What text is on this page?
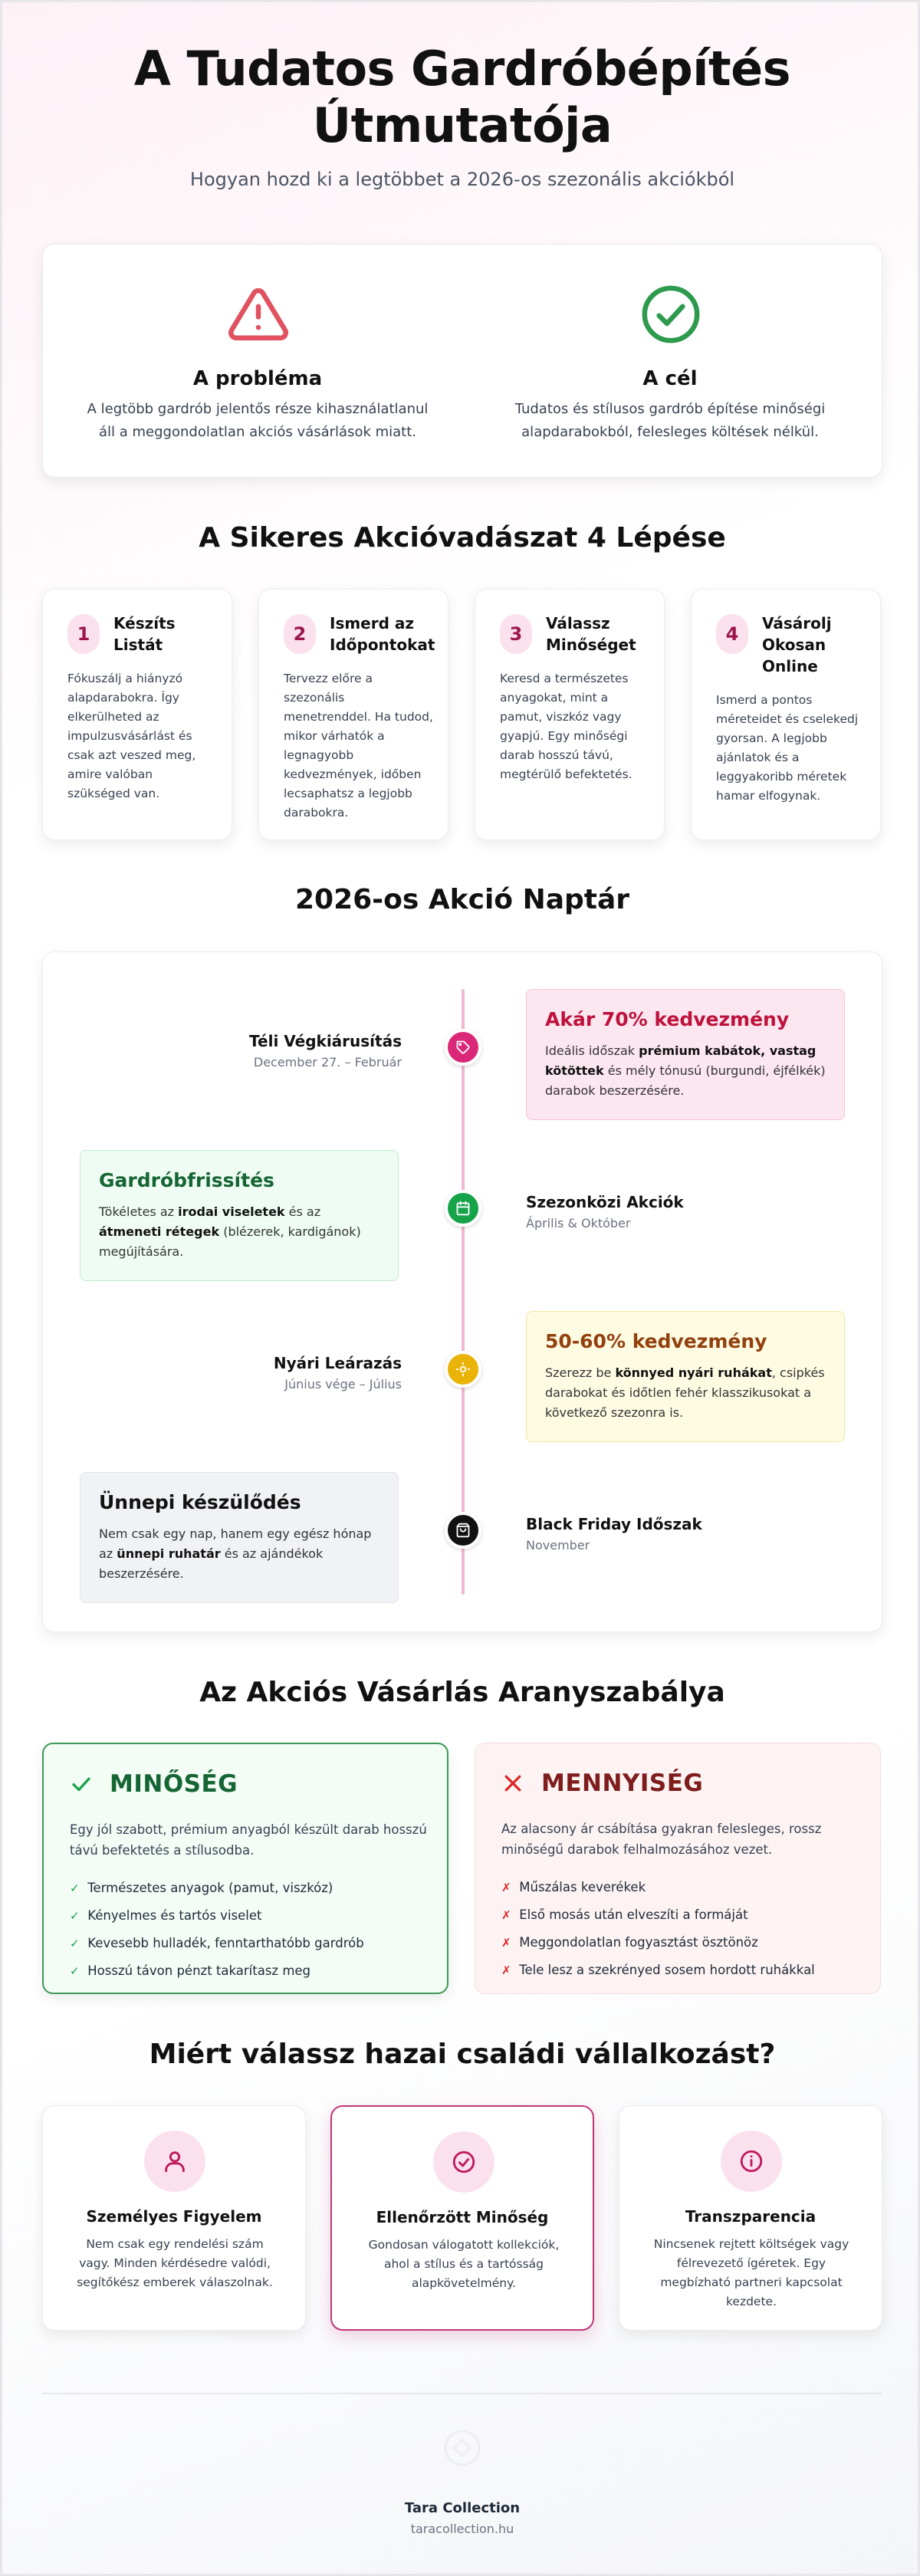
A Tudatos Gardróbépítés
Útmutatója
Hogyan hozd ki a legtöbbet a 2026-os szezonális akciókból
A probléma
A legtöbb gardrób jelentős része kihasználatlanul áll a meggondolatlan akciós vásárlások miatt.
A cél
Tudatos és stílusos gardrób építése minőségi alapdarabokból, felesleges költések nélkül.
A Sikeres Akcióvadászat 4 Lépése
1	Készíts Listát
Fókuszálj a hiányzó alapdarabokra. Így elkerülheted az impulzusvásárlást és csak azt veszed meg, amire valóban szükséged van.
2	Ismerd az Időpontokat
Tervezz előre a szezonális menetrenddel. Ha tudod, mikor várhatók a legnagyobb kedvezmények, időben lecsaphatsz a legjobb darabokra.
3	Válassz Minőséget
Keresd a természetes anyagokat, mint a pamut, viszkóz vagy gyapjú. Egy minőségi darab hosszú távú, megtérülő befektetés.
4	Vásárolj Okosan Online
Ismerd a pontos méreteidet és cselekedj gyorsan. A legjobb ajánlatok és a leggyakoribb méretek hamar elfogynak.
2026-os Akció Naptár
Téli Végkiárusítás
December 27. – Február
Akár 70% kedvezmény
Ideális időszak prémium kabátok, vastag kötöttek és mély tónusú (burgundi, éjfélkék) darabok beszerzésére.
Gardróbfrissítés
Tökéletes az irodai viseletek és az átmeneti rétegek (blézerek, kardigánok) megújítására.
Szezonközi Akciók
Április & Október
Nyári Leárazás
Június vége – Július
50-60% kedvezmény
Szerezz be könnyed nyári ruhákat, csipkés darabokat és időtlen fehér klasszikusokat a következő szezonra is.
Ünnepi készülődés
Nem csak egy nap, hanem egy egész hónap az ünnepi ruhatár és az ajándékok beszerzésére.
Black Friday Időszak
November
Az Akciós Vásárlás Aranyszabálya
MINŐSÉG
Egy jól szabott, prémium anyagból készült darab hosszú távú befektetés a stílusodba.
✓ Természetes anyagok (pamut, viszkóz)
✓ Kényelmes és tartós viselet
✓ Kevesebb hulladék, fenntarthatóbb gardrób
✓ Hosszú távon pénzt takarítasz meg
MENNYISÉG
Az alacsony ár csábítása gyakran felesleges, rossz minőségű darabok felhalmozásához vezet.
✗ Műszálas keverékek
✗ Első mosás után elveszíti a formáját
✗ Meggondolatlan fogyasztást ösztönöz
✗ Tele lesz a szekrényed sosem hordott ruhákkal
Miért válassz hazai családi vállalkozást?
Személyes Figyelem
Nem csak egy rendelési szám vagy. Minden kérdésedre valódi, segítőkész emberek válaszolnak.
Ellenőrzött Minőség
Gondosan válogatott kollekciók, ahol a stílus és a tartósság alapkövetelmény.
Transzparencia
Nincsenek rejtett költségek vagy félrevezető ígéretek. Egy megbízható partneri kapcsolat kezdete.
Tara Collection
taracollection.hu
